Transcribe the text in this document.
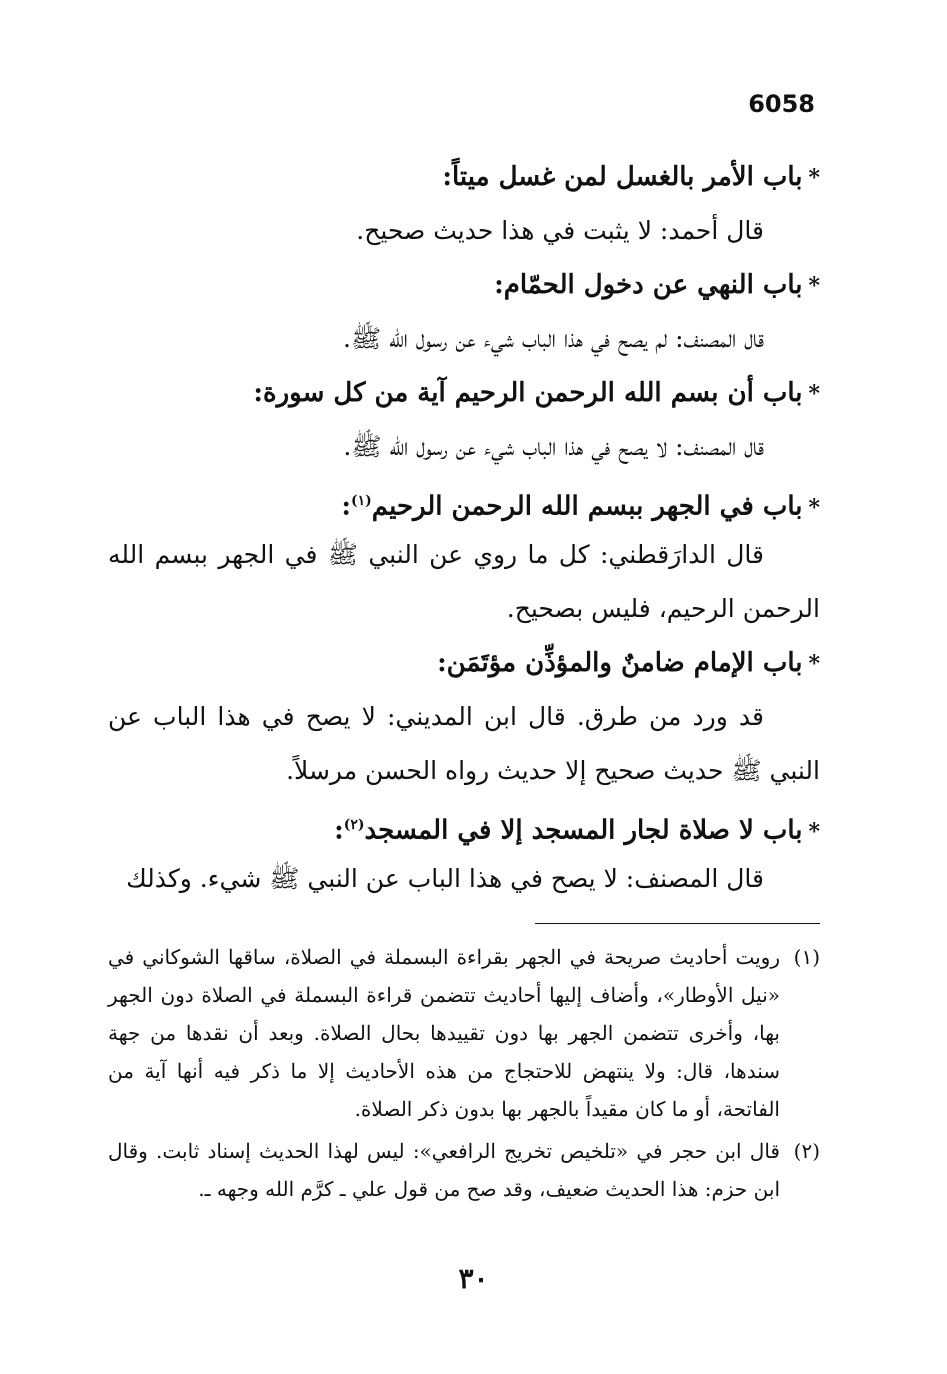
6058
*باب الأمر بالغسل لمن غسل ميتاً:
قال أحمد: لا يثبت في هذا حديث صحيح.
*باب النهي عن دخول الحمّام:
قال المصنف: لم يصح في هذا الباب شيء عن رسول الله ﷺ.
*باب أن بسم الله الرحمن الرحيم آية من كل سورة:
قال المصنف: لا يصح في هذا الباب شيء عن رسول الله ﷺ.
*باب في الجهر ببسم الله الرحمن الرحيم$^{(١)}$:
قال الدارَقطني: كل ما روي عن النبي ﷺ في الجهر ببسم الله الرحمن الرحيم، فليس بصحيح.
*باب الإمام ضامنٌ والمؤذِّن مؤتَمَن:
قد ورد من طرق. قال ابن المديني: لا يصح في هذا الباب عن النبي ﷺ حديث صحيح إلا حديث رواه الحسن مرسلاً.
*باب لا صلاة لجار المسجد إلا في المسجد$^{(٢)}$:
قال المصنف: لا يصح في هذا الباب عن النبي ﷺ شيء. وكذلك
(١)
رويت أحاديث صريحة في الجهر بقراءة البسملة في الصلاة، ساقها الشوكاني في «نيل الأوطار»، وأضاف إليها أحاديث تتضمن قراءة البسملة في الصلاة دون الجهر بها، وأخرى تتضمن الجهر بها دون تقييدها بحال الصلاة. وبعد أن نقدها من جهة سندها، قال: ولا ينتهض للاحتجاج من هذه الأحاديث إلا ما ذكر فيه أنها آية من الفاتحة، أو ما كان مقيداً بالجهر بها بدون ذكر الصلاة.
(٢)
قال ابن حجر في «تلخيص تخريج الرافعي»: ليس لهذا الحديث إسناد ثابت. وقال ابن حزم: هذا الحديث ضعيف، وقد صح من قول علي ـ كرَّم الله وجهه ـ.
٣٠
